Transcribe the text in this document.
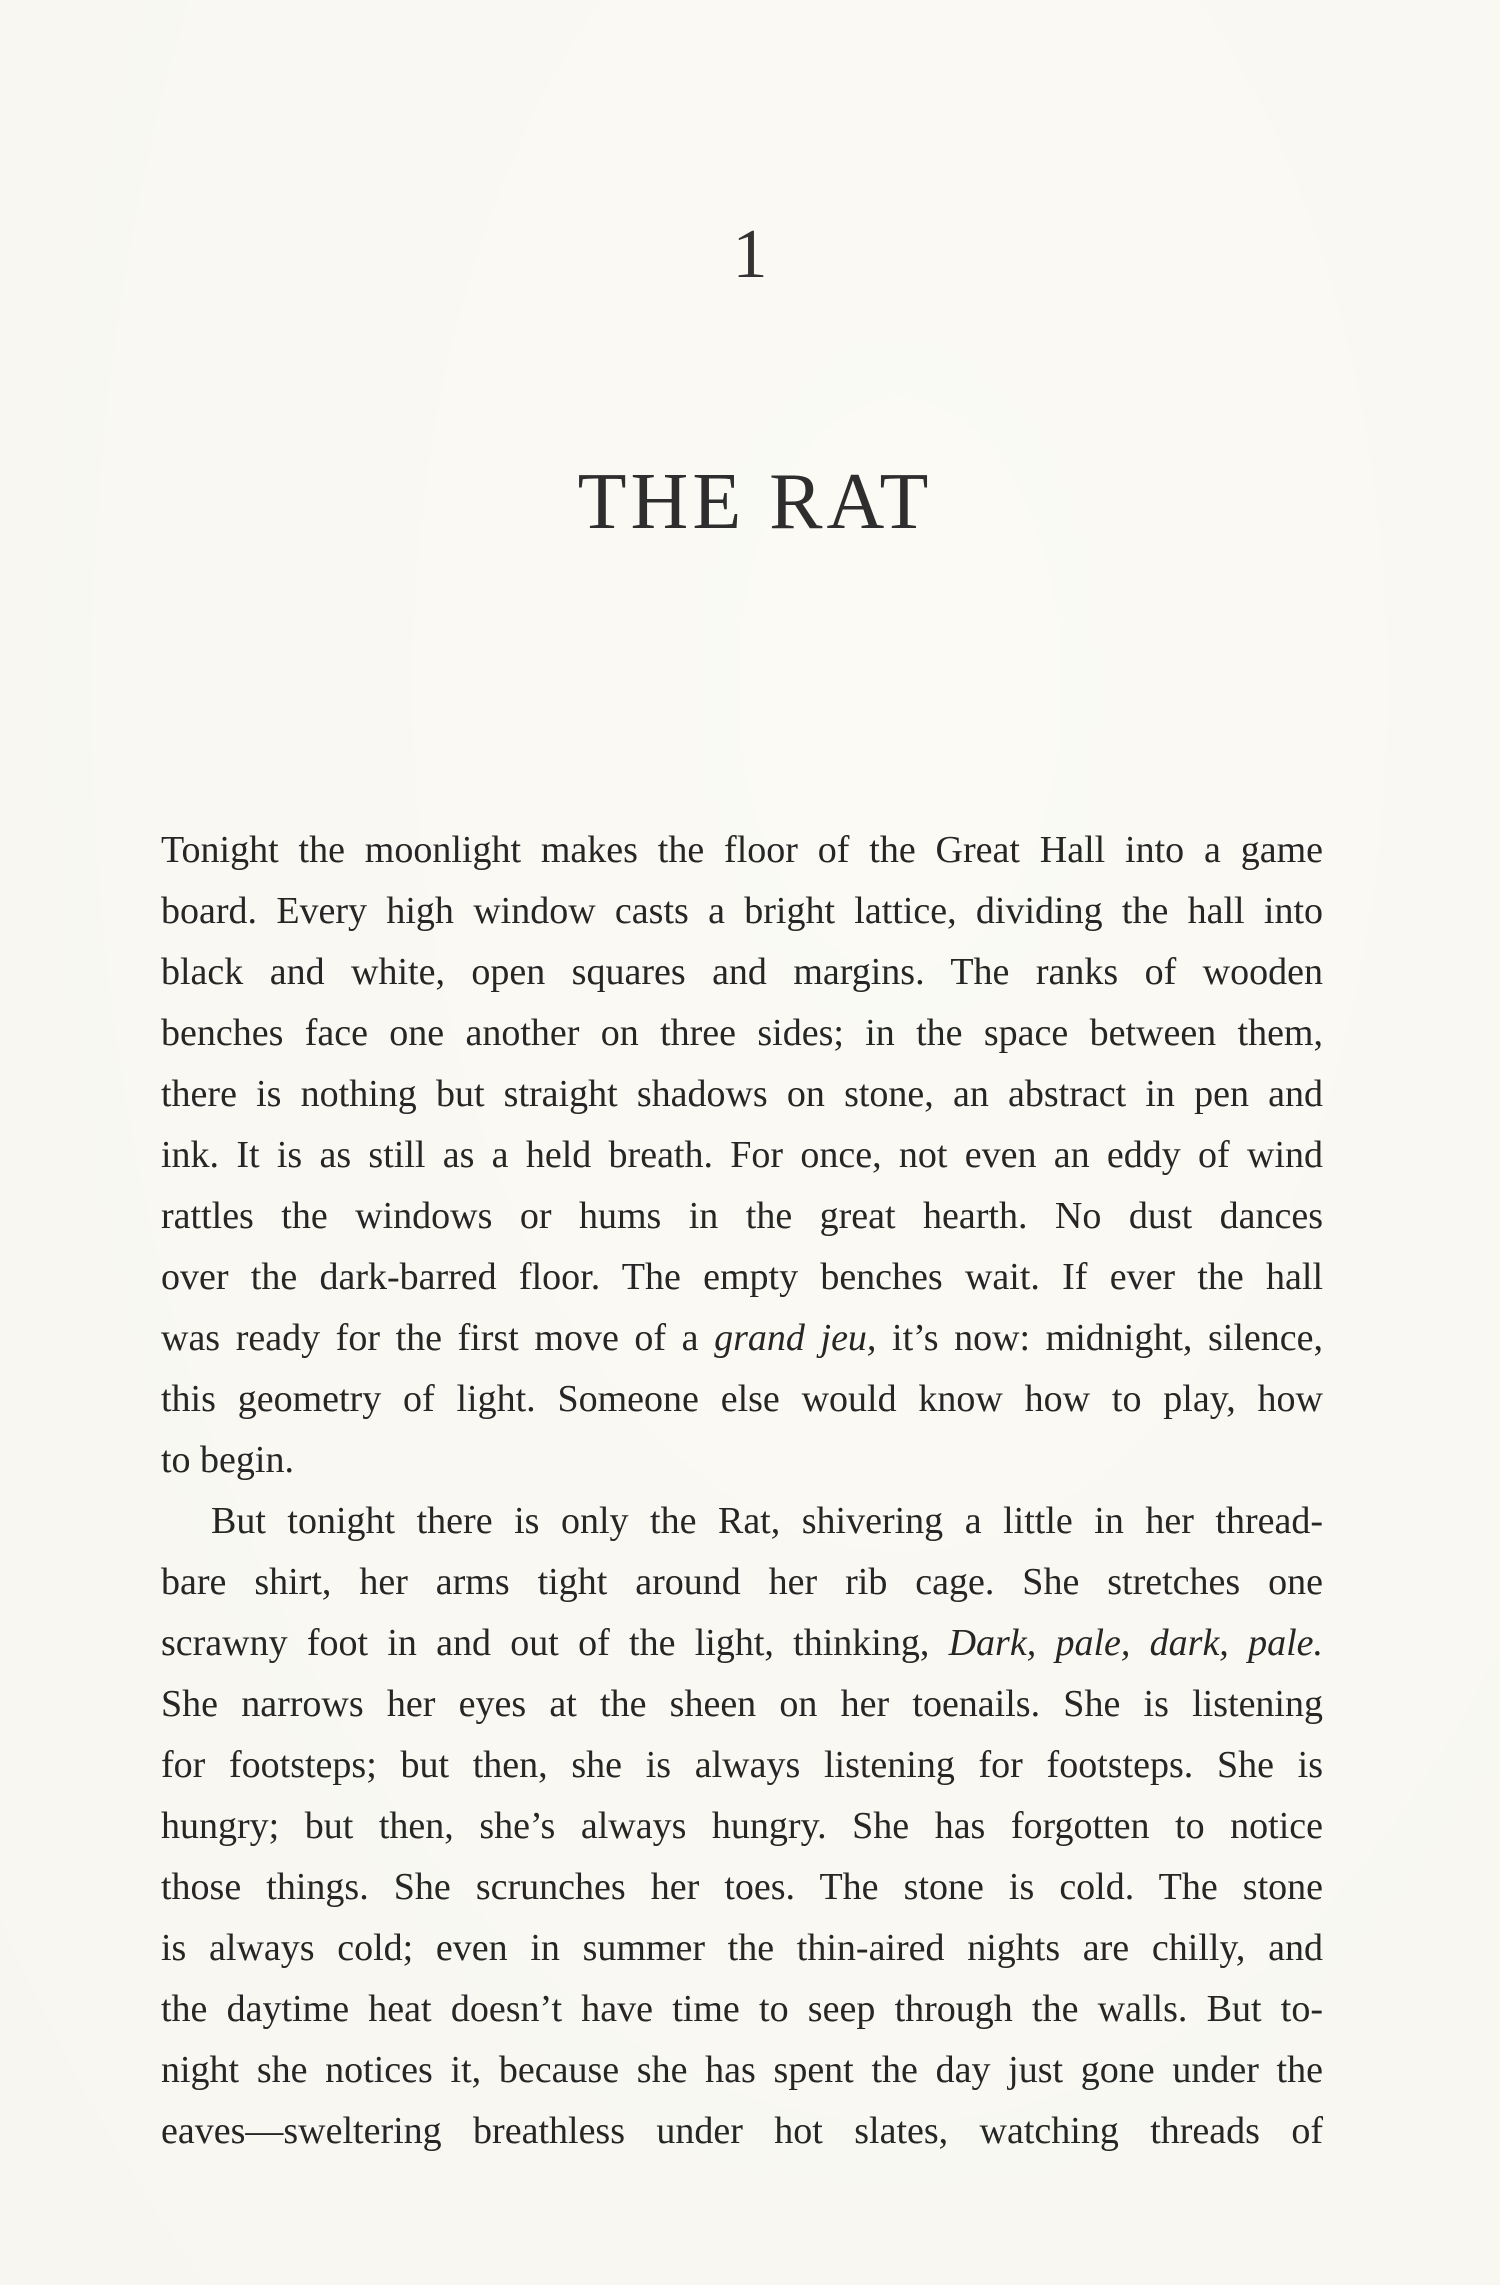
1
THE RAT
Tonight the moonlight makes the floor of the Great Hall into a game
board. Every high window casts a bright lattice, dividing the hall into
black and white, open squares and margins. The ranks of wooden
benches face one another on three sides; in the space between them,
there is nothing but straight shadows on stone, an abstract in pen and
ink. It is as still as a held breath. For once, not even an eddy of wind
rattles the windows or hums in the great hearth. No dust dances
over the dark-barred floor. The empty benches wait. If ever the hall
was ready for the first move of a grand jeu, it’s now: midnight, silence,
this geometry of light. Someone else would know how to play, how
to begin.
But tonight there is only the Rat, shivering a little in her thread-
bare shirt, her arms tight around her rib cage. She stretches one
scrawny foot in and out of the light, thinking, Dark, pale, dark, pale.
She narrows her eyes at the sheen on her toenails. She is listening
for footsteps; but then, she is always listening for footsteps. She is
hungry; but then, she’s always hungry. She has forgotten to notice
those things. She scrunches her toes. The stone is cold. The stone
is always cold; even in summer the thin-aired nights are chilly, and
the daytime heat doesn’t have time to seep through the walls. But to-
night she notices it, because she has spent the day just gone under the
eaves—sweltering breathless under hot slates, watching threads of
